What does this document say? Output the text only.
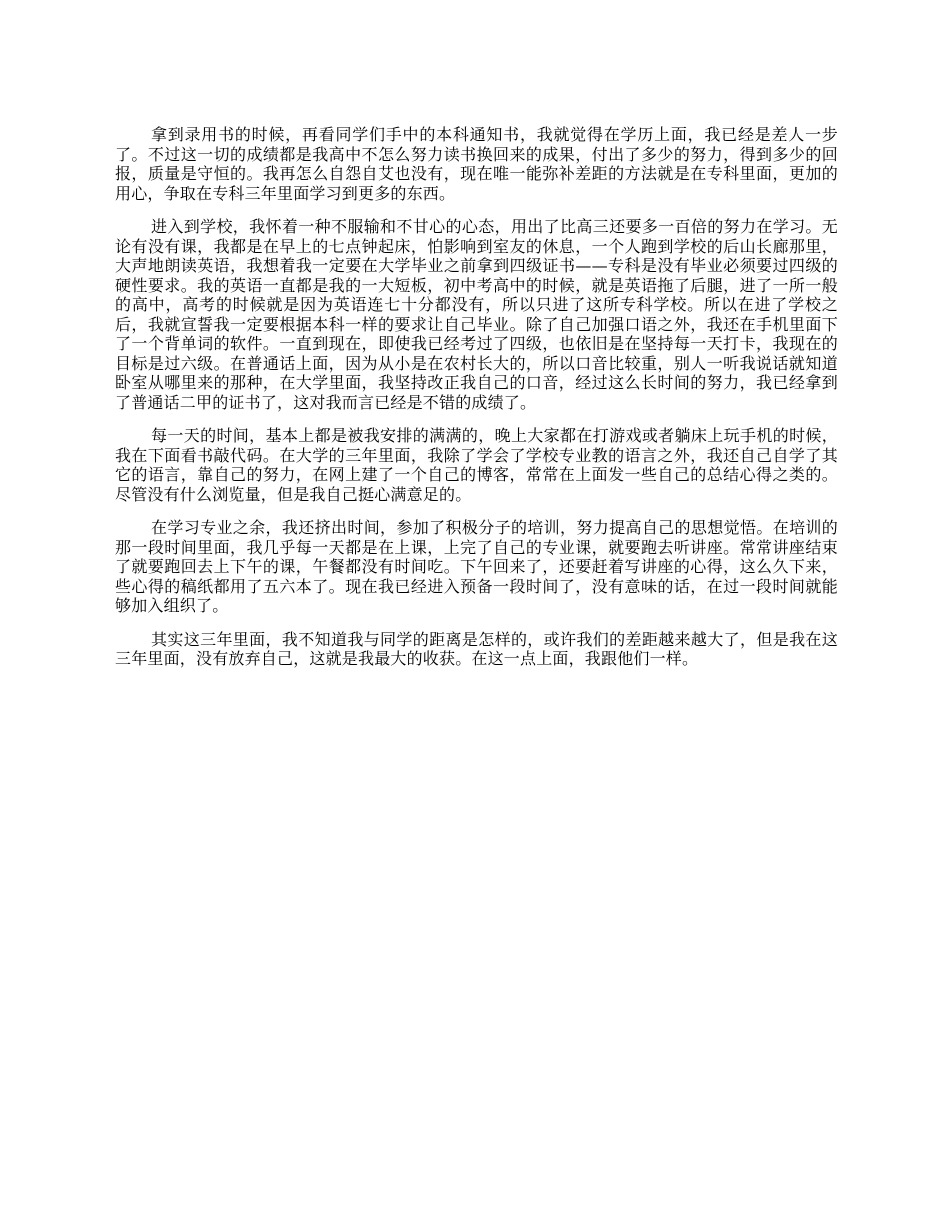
拿到录用书的时候，再看同学们手中的本科通知书，我就觉得在学历上面，我已经是差人一步了。不过这一切的成绩都是我高中不怎么努力读书换回来的成果，付出了多少的努力，得到多少的回报，质量是守恒的。我再怎么自怨自艾也没有，现在唯一能弥补差距的方法就是在专科里面，更加的用心，争取在专科三年里面学习到更多的东西。

进入到学校，我怀着一种不服输和不甘心的心态，用出了比高三还要多一百倍的努力在学习。无论有没有课，我都是在早上的七点钟起床，怕影响到室友的休息，一个人跑到学校的后山长廊那里，大声地朗读英语，我想着我一定要在大学毕业之前拿到四级证书——专科是没有毕业必须要过四级的硬性要求。我的英语一直都是我的一大短板，初中考高中的时候，就是英语拖了后腿，进了一所一般的高中，高考的时候就是因为英语连七十分都没有，所以只进了这所专科学校。所以在进了学校之后，我就宣誓我一定要根据本科一样的要求让自己毕业。除了自己加强口语之外，我还在手机里面下了一个背单词的软件。一直到现在，即使我已经考过了四级，也依旧是在坚持每一天打卡，我现在的目标是过六级。在普通话上面，因为从小是在农村长大的，所以口音比较重，别人一听我说话就知道卧室从哪里来的那种，在大学里面，我坚持改正我自己的口音，经过这么长时间的努力，我已经拿到了普通话二甲的证书了，这对我而言已经是不错的成绩了。

每一天的时间，基本上都是被我安排的满满的，晚上大家都在打游戏或者躺床上玩手机的时候，我在下面看书敲代码。在大学的三年里面，我除了学会了学校专业教的语言之外，我还自己自学了其它的语言，靠自己的努力，在网上建了一个自己的博客，常常在上面发一些自己的总结心得之类的。尽管没有什么浏览量，但是我自己挺心满意足的。

在学习专业之余，我还挤出时间，参加了积极分子的培训，努力提高自己的思想觉悟。在培训的那一段时间里面，我几乎每一天都是在上课，上完了自己的专业课，就要跑去听讲座。常常讲座结束了就要跑回去上下午的课，午餐都没有时间吃。下午回来了，还要赶着写讲座的心得，这么久下来，些心得的稿纸都用了五六本了。现在我已经进入预备一段时间了，没有意味的话，在过一段时间就能够加入组织了。

其实这三年里面，我不知道我与同学的距离是怎样的，或许我们的差距越来越大了，但是我在这三年里面，没有放弃自己，这就是我最大的收获。在这一点上面，我跟他们一样。
